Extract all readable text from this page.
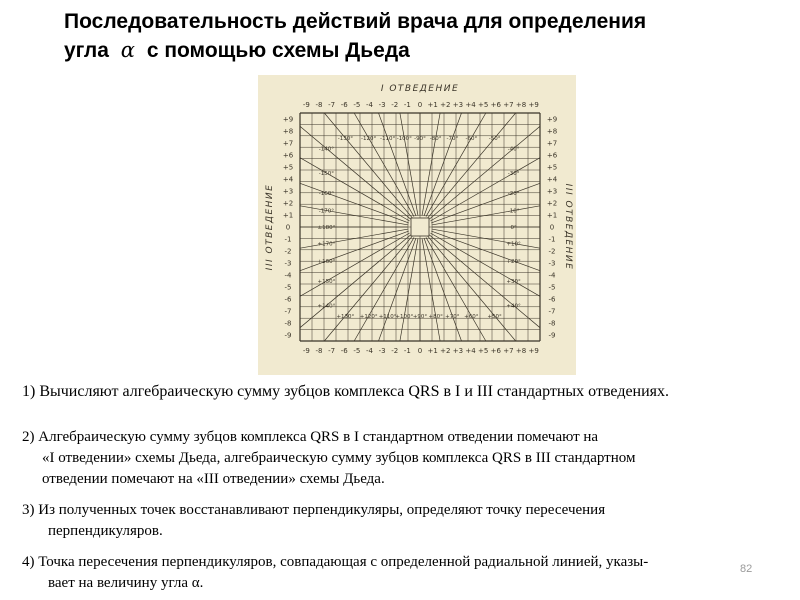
Последовательность действий врача для определения
угла α с помощью схемы Дьеда
-90° -80° -70° -60° -50°
-40°
-30°
-20°
-10°
0°
+10°
+20°
+30°
+40°
+50°
+60°
+70°
+80°
+90°
+100°
+110°
+120°
+130°
+140°
+150°
+160°
+170°
±180°
-170°
-160°
-150°
-140°
-130° -120° -110° -100°
-9
-9
-8
-8
-7
-7
-6
-6
-5
-5
-4
-4
-3
-3
-2
-2
-1
-1
0
0
+1
+1
+2
+2
+3
+3
+4
+4
+5
+5
+6
+6
+7
+7
+8
+8
+9
+9
+9	+9
+8	+8
+7	+7
+6	+6
+5	+5
+4	+4
+3	+3
+2	+2
+1	+1
0	0
-1	-1
-2	-2
-3	-3
-4	-4
-5	-5
-6	-6
-7	-7
-8	-8
-9	-9
I ОТВЕДЕНИЕ
III ОТВЕДЕНИЕ	III ОТВЕДЕНИЕ
1) Вычисляют алгебраическую сумму зубцов комплекса QRS в I и III стандартных отведениях.
2) Алгебраическую сумму зубцов комплекса QRS в I стандартном отведении помечают на
«I отведении» схемы Дьеда, алгебраическую сумму зубцов комплекса QRS в III стандартном
отведении помечают на «III отведении» схемы Дьеда.
3) Из полученных точек восстанавливают перпендикуляры, определяют точку пересечения
перпендикуляров.
4) Точка пересечения перпендикуляров, совпадающая с определенной радиальной линией, указы-
вает на величину угла α.
82
